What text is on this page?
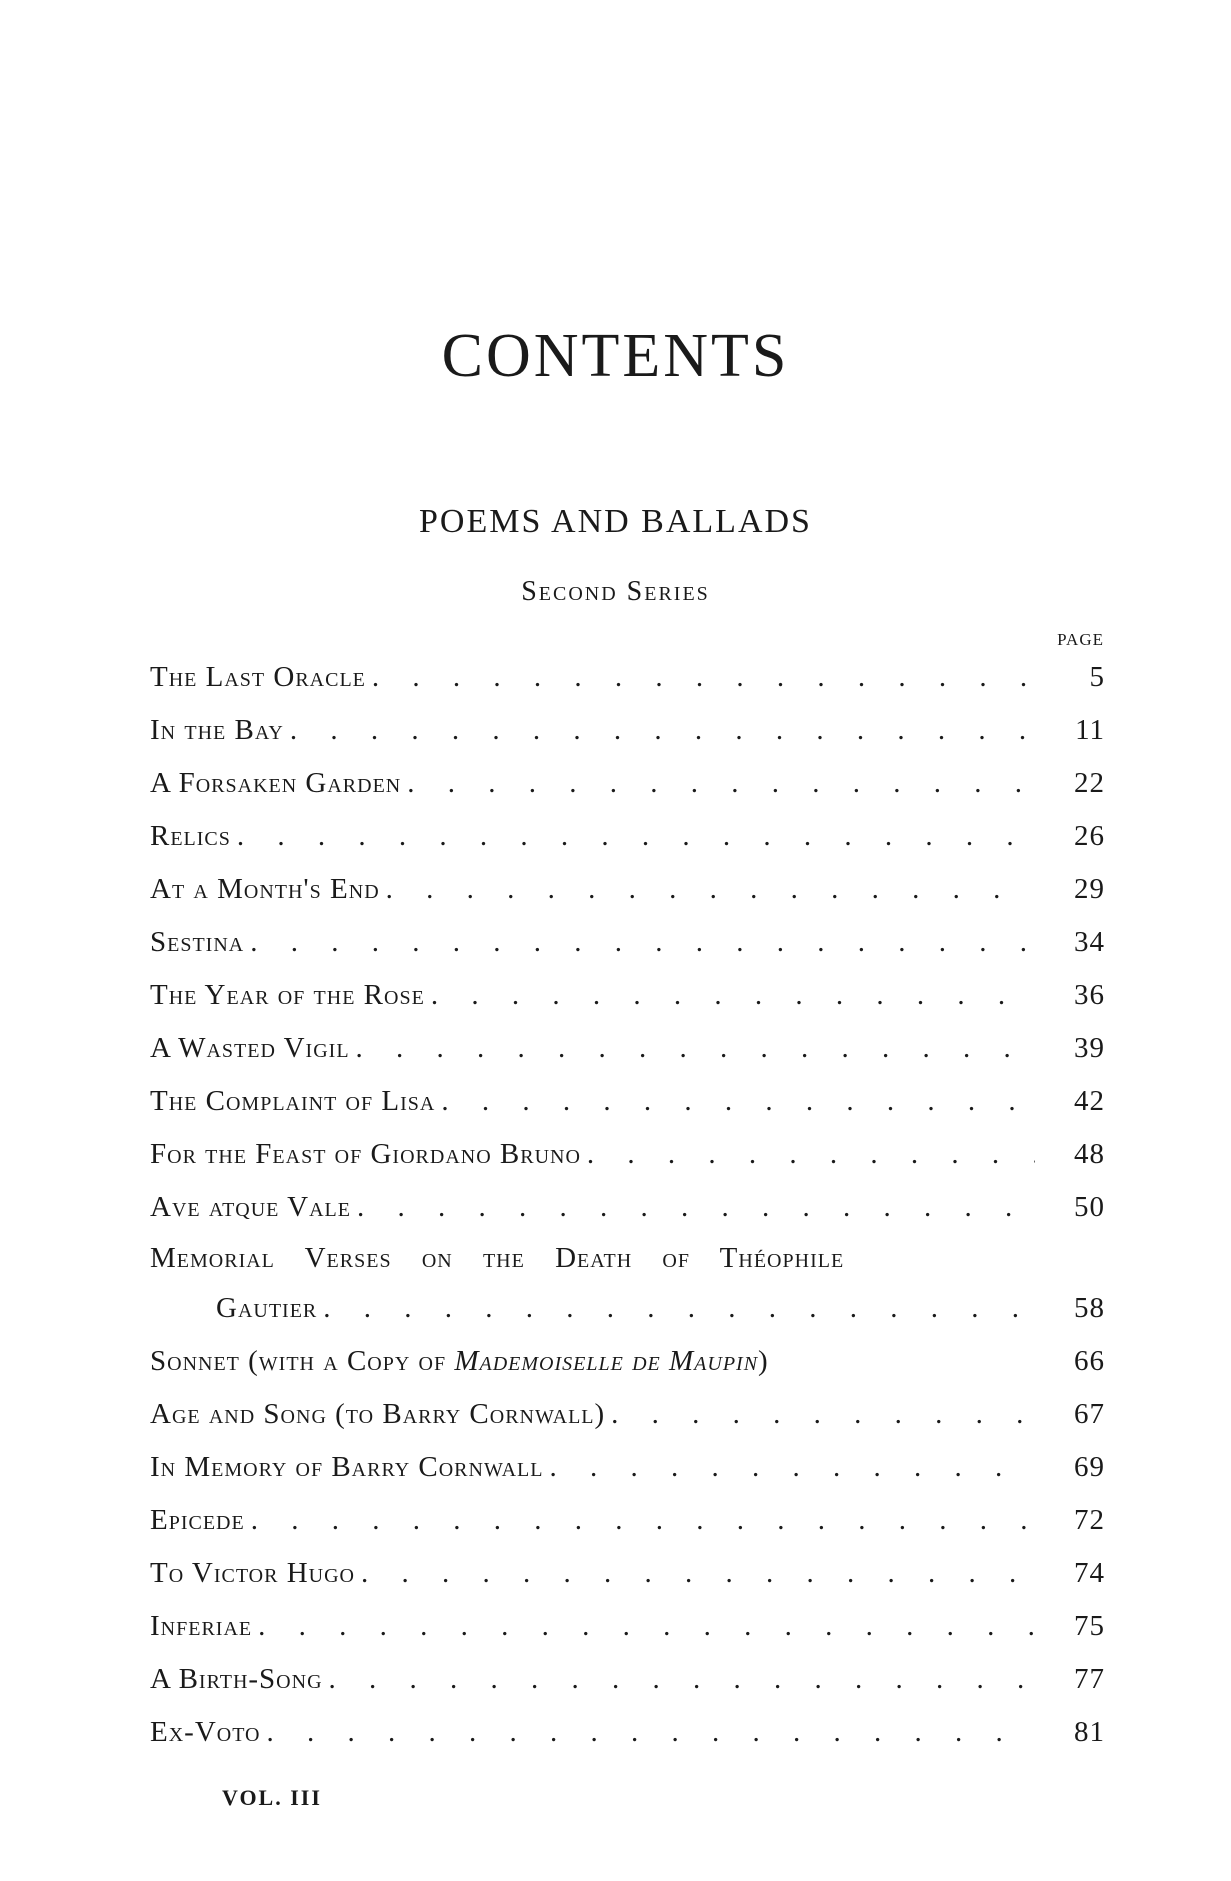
CONTENTS
POEMS AND BALLADS
Second Series
PAGE
The Last Oracle . . .	5
In the Bay . . .	11
A Forsaken Garden . . .	22
Relics . . .	26
At a Month's End . . .	29
Sestina . . .	34
The Year of the Rose . . .	36
A Wasted Vigil . . .	39
The Complaint of Lisa . . .	42
For the Feast of Giordano Bruno . . .	48
Ave atque Vale . . .	50
Memorial Verses on the Death of Théophile
Gautier . . .	58
Sonnet (with a Copy of Mademoiselle de Maupin)	66
Age and Song (to Barry Cornwall) . . .	67
In Memory of Barry Cornwall . . .	69
Epicede . . .	72
To Victor Hugo . . .	74
Inferiae . . .	75
A Birth-Song . . .	77
Ex-Voto . . .	81
VOL. III
